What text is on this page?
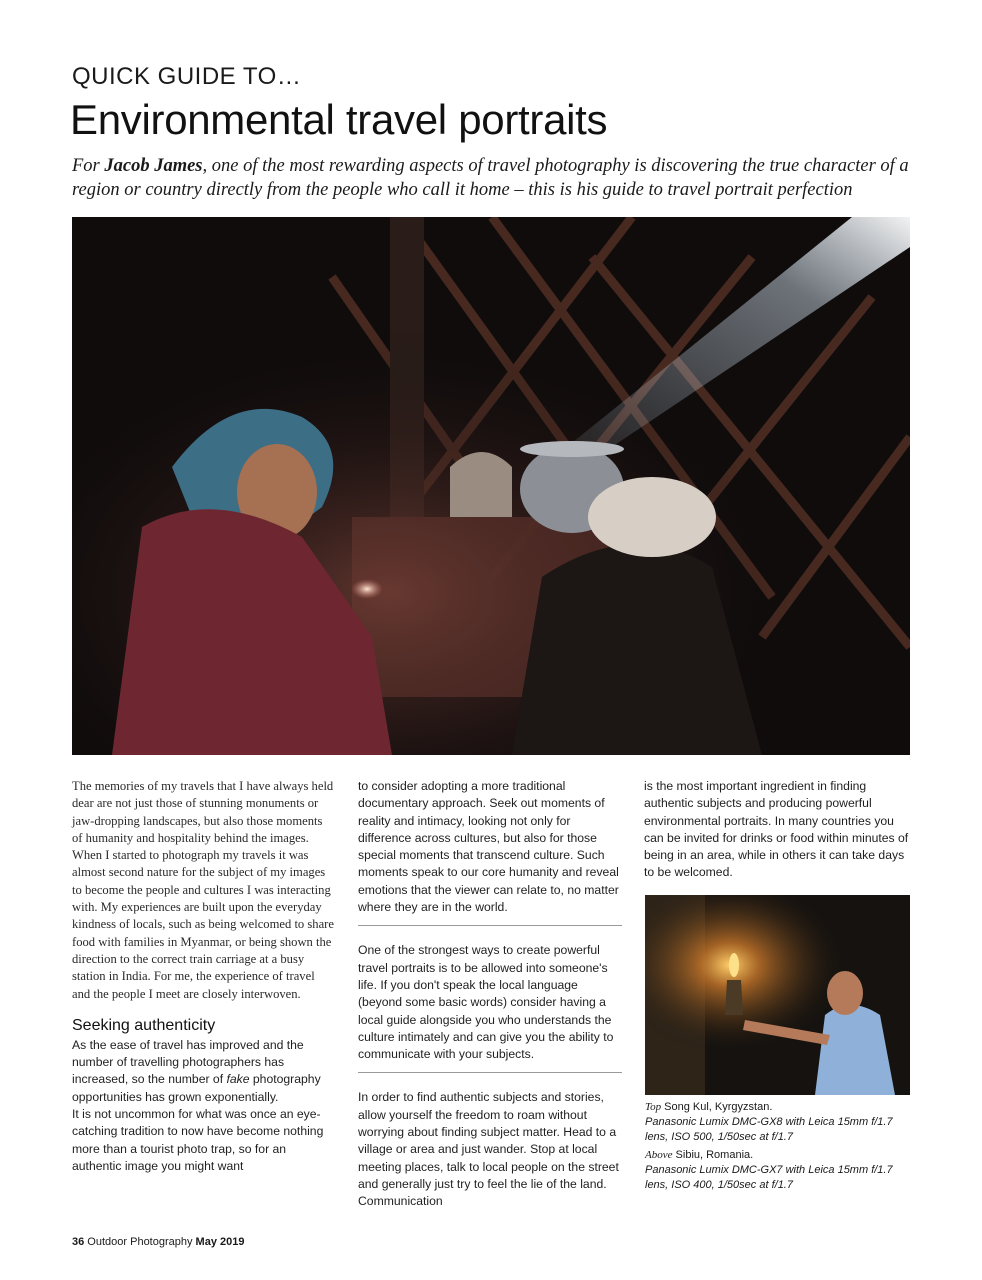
QUICK GUIDE TO…
Environmental travel portraits

For Jacob James, one of the most rewarding aspects of travel photography is discovering the true character of a region or country directly from the people who call it home – this is his guide to travel portrait perfection

The memories of my travels that I have always held dear are not just those of stunning monuments or jaw-dropping landscapes, but also those moments of humanity and hospitality behind the images. When I started to photograph my travels it was almost second nature for the subject of my images to become the people and cultures I was interacting with. My experiences are built upon the everyday kindness of locals, such as being welcomed to share food with families in Myanmar, or being shown the direction to the correct train carriage at a busy station in India. For me, the experience of travel and the people I meet are closely interwoven.

Seeking authenticity

As the ease of travel has improved and the number of travelling photographers has increased, so the number of fake photography opportunities has grown exponentially.

It is not uncommon for what was once an eye-catching tradition to now have become nothing more than a tourist photo trap, so for an authentic image you might want

to consider adopting a more traditional documentary approach. Seek out moments of reality and intimacy, looking not only for difference across cultures, but also for those special moments that transcend culture. Such moments speak to our core humanity and reveal emotions that the viewer can relate to, no matter where they are in the world.

One of the strongest ways to create powerful travel portraits is to be allowed into someone's life. If you don't speak the local language (beyond some basic words) consider having a local guide alongside you who understands the culture intimately and can give you the ability to communicate with your subjects.

In order to find authentic subjects and stories, allow yourself the freedom to roam without worrying about finding subject matter. Head to a village or area and just wander. Stop at local meeting places, talk to local people on the street and generally just try to feel the lie of the land. Communication

is the most important ingredient in finding authentic subjects and producing powerful environmental portraits. In many countries you can be invited for drinks or food within minutes of being in an area, while in others it can take days to be welcomed.

Top Song Kul, Kyrgyzstan.
Panasonic Lumix DMC-GX8 with Leica 15mm f/1.7 lens, ISO 500, 1/50sec at f/1.7
Above Sibiu, Romania.
Panasonic Lumix DMC-GX7 with Leica 15mm f/1.7 lens, ISO 400, 1/50sec at f/1.7
36 Outdoor Photography May 2019
